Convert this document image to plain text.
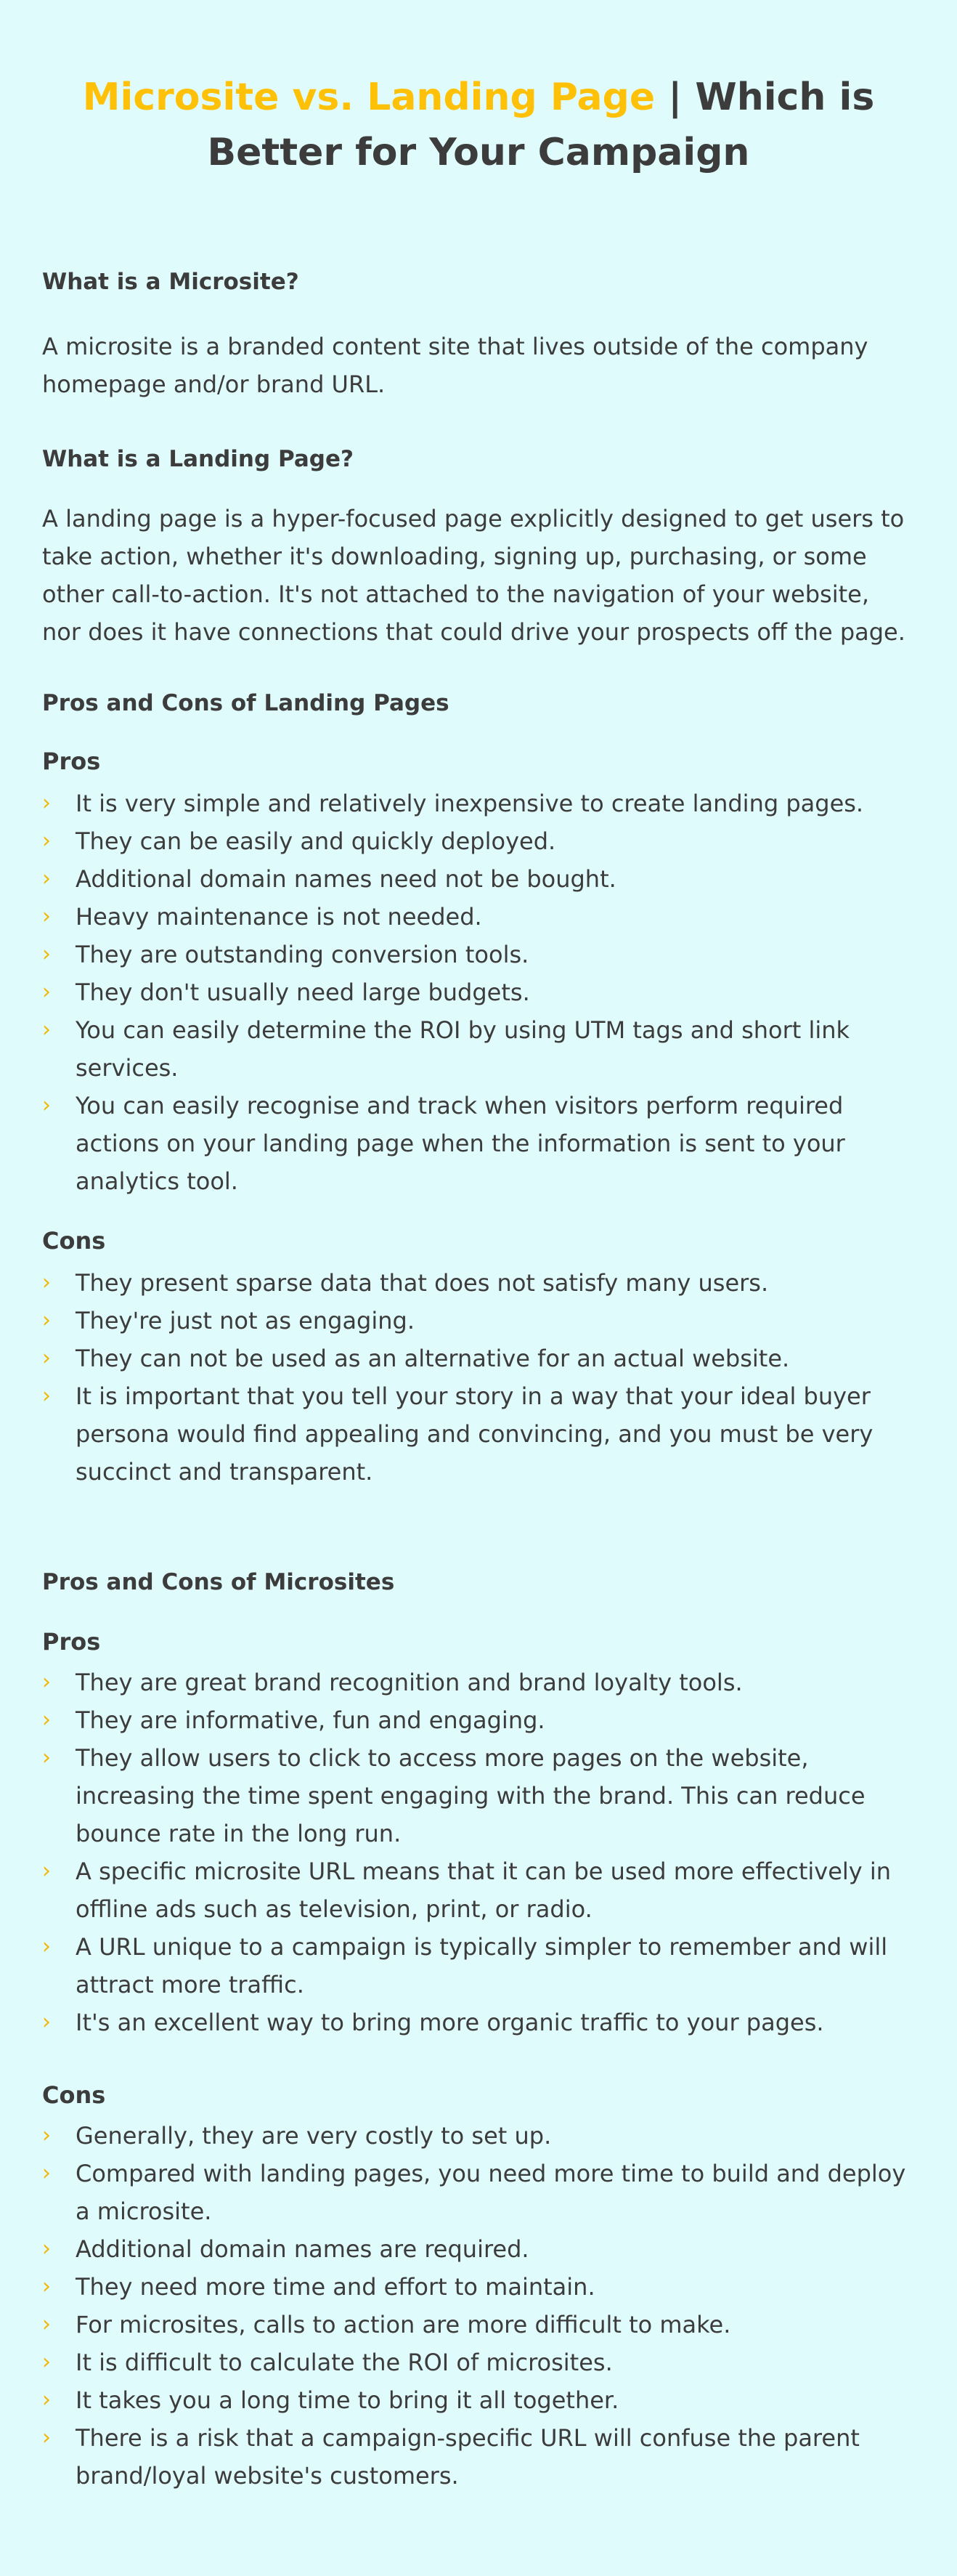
Microsite vs. Landing Page | Which is
Better for Your Campaign
What is a Microsite?

A microsite is a branded content site that lives outside of the company homepage and/or brand URL.

What is a Landing Page?

A landing page is a hyper-focused page explicitly designed to get users to take action, whether it's downloading, signing up, purchasing, or some other call-to-action. It's not attached to the navigation of your website, nor does it have connections that could drive your prospects off the page.

Pros and Cons of Landing Pages
Pros
›	It is very simple and relatively inexpensive to create landing pages.
›	They can be easily and quickly deployed.
›	Additional domain names need not be bought.
›	Heavy maintenance is not needed.
›	They are outstanding conversion tools.
›	They don't usually need large budgets.
›	You can easily determine the ROI by using UTM tags and short link services.
›	You can easily recognise and track when visitors perform required actions on your landing page when the information is sent to your analytics tool.
Cons
›	They present sparse data that does not satisfy many users.
›	They're just not as engaging.
›	They can not be used as an alternative for an actual website.
›	It is important that you tell your story in a way that your ideal buyer persona would find appealing and convincing, and you must be very succinct and transparent.
Pros and Cons of Microsites
Pros
›	They are great brand recognition and brand loyalty tools.
›	They are informative, fun and engaging.
›	They allow users to click to access more pages on the website, increasing the time spent engaging with the brand. This can reduce bounce rate in the long run.
›	A specific microsite URL means that it can be used more effectively in offline ads such as television, print, or radio.
›	A URL unique to a campaign is typically simpler to remember and will attract more traffic.
›	It's an excellent way to bring more organic traffic to your pages.
Cons
›	Generally, they are very costly to set up.
›	Compared with landing pages, you need more time to build and deploy a microsite.
›	Additional domain names are required.
›	They need more time and effort to maintain.
›	For microsites, calls to action are more difficult to make.
›	It is difficult to calculate the ROI of microsites.
›	It takes you a long time to bring it all together.
›	There is a risk that a campaign-specific URL will confuse the parent brand/loyal website's customers.
